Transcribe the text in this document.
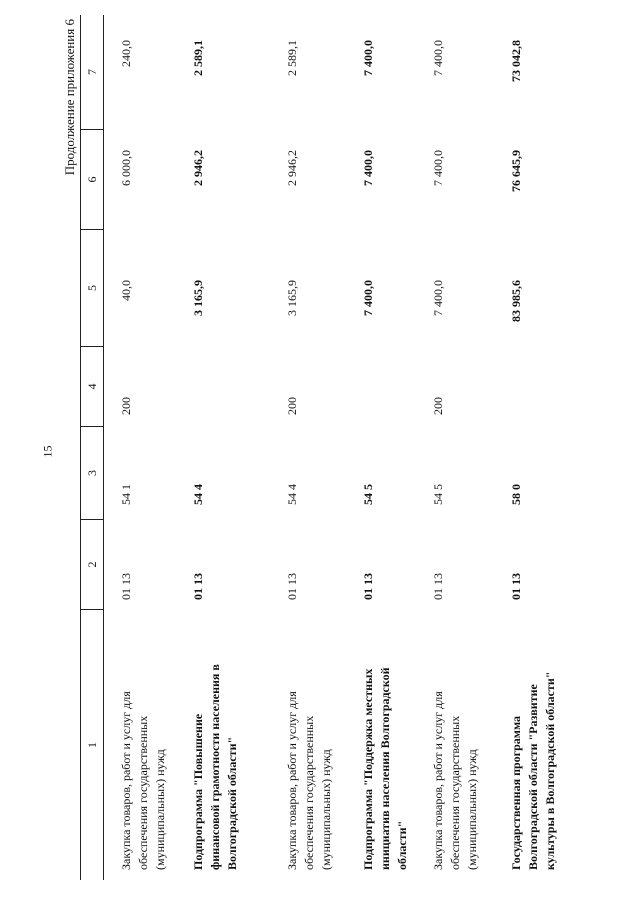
15
Продолжение приложения 6
1
2
3
4
5
6
7
Закупка товаров, работ и услуг для обеспечения государственных (муниципальных) нужд
01 13
54 1
200
40,0
6 000,0
240,0
Подпрограмма "Повышение финансовой грамотности населения в Волгоградской области"
01 13
54 4
3 165,9
2 946,2
2 589,1
Закупка товаров, работ и услуг для обеспечения государственных (муниципальных) нужд
01 13
54 4
200
3 165,9
2 946,2
2 589,1
Подпрограмма "Поддержка местных инициатив населения Волгоградской области"
01 13
54 5
7 400,0
7 400,0
7 400,0
Закупка товаров, работ и услуг для обеспечения государственных (муниципальных) нужд
01 13
54 5
200
7 400,0
7 400,0
7 400,0
Государственная программа Волгоградской области "Развитие культуры в Волгоградской области"
01 13
58 0
83 985,6
76 645,9
73 042,8
